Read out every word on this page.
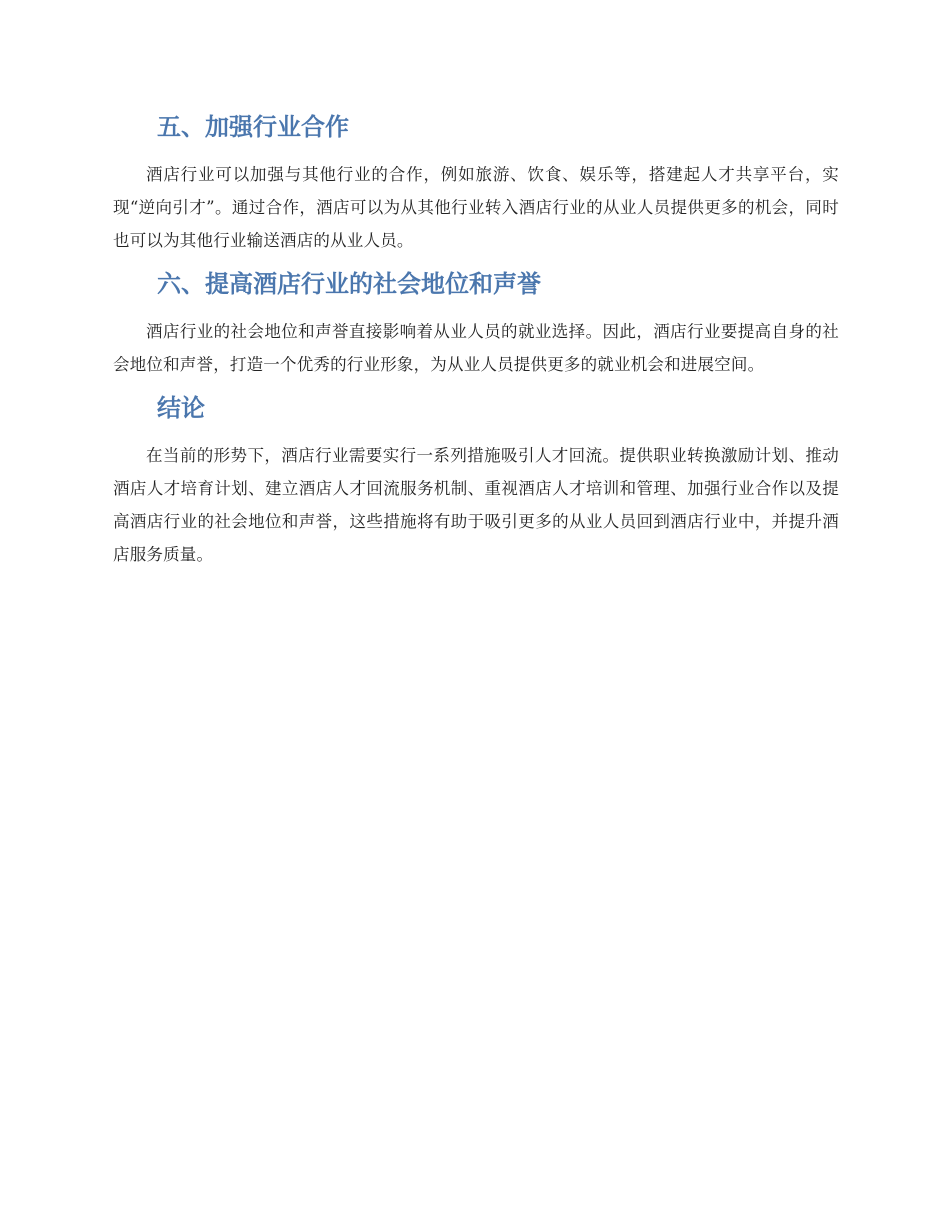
五、加强行业合作

酒店行业可以加强与其他行业的合作，例如旅游、饮食、娱乐等，搭建起人才共享平台，实现“逆向引才”。通过合作，酒店可以为从其他行业转入酒店行业的从业人员提供更多的机会，同时也可以为其他行业输送酒店的从业人员。

六、提高酒店行业的社会地位和声誉

酒店行业的社会地位和声誉直接影响着从业人员的就业选择。因此，酒店行业要提高自身的社会地位和声誉，打造一个优秀的行业形象，为从业人员提供更多的就业机会和进展空间。

结论

在当前的形势下，酒店行业需要实行一系列措施吸引人才回流。提供职业转换激励计划、推动酒店人才培育计划、建立酒店人才回流服务机制、重视酒店人才培训和管理、加强行业合作以及提高酒店行业的社会地位和声誉，这些措施将有助于吸引更多的从业人员回到酒店行业中，并提升酒店服务质量。
